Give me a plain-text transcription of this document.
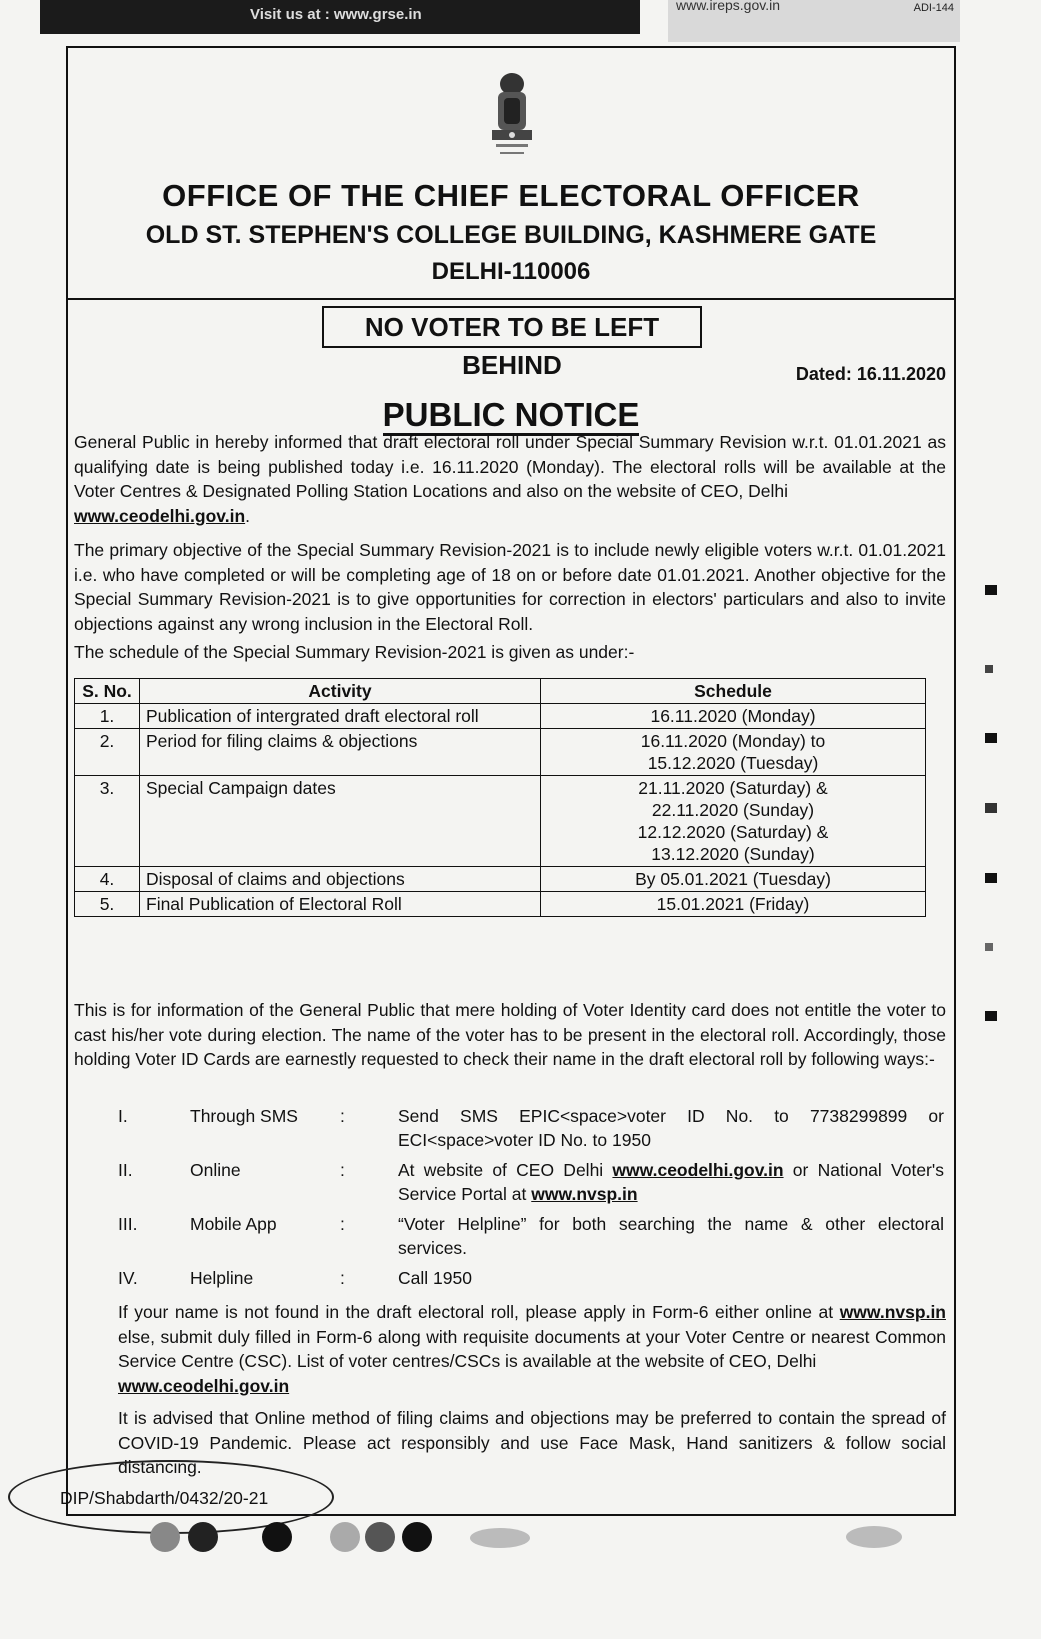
Visit us at : www.grse.in
www.ireps.gov.in	ADI-144
OFFICE OF THE CHIEF ELECTORAL OFFICER
OLD ST. STEPHEN'S COLLEGE BUILDING, KASHMERE GATE
DELHI-110006
NO VOTER TO BE LEFT BEHIND	Dated: 16.11.2020
PUBLIC NOTICE
General Public in hereby informed that draft electoral roll under Special Summary Revision w.r.t. 01.01.2021 as qualifying date is being published today i.e. 16.11.2020 (Monday). The electoral rolls will be available at the Voter Centres & Designated Polling Station Locations and also on the website of CEO, Delhi
www.ceodelhi.gov.in.
The primary objective of the Special Summary Revision-2021 is to include newly eligible voters w.r.t. 01.01.2021 i.e. who have completed or will be completing age of 18 on or before date 01.01.2021. Another objective for the Special Summary Revision-2021 is to give opportunities for correction in electors' particulars and also to invite objections against any wrong inclusion in the Electoral Roll.
The schedule of the Special Summary Revision-2021 is given as under:-
S. No.	Activity	Schedule
1.	Publication of intergrated draft electoral roll	16.11.2020 (Monday)

2.	Period for filing claims & objections	16.11.2020 (Monday) to
15.12.2020 (Tuesday)

3.	Special Campaign dates	21.11.2020 (Saturday) &
22.11.2020 (Sunday)
12.12.2020 (Saturday) &
13.12.2020 (Sunday)

4.	Disposal of claims and objections	By 05.01.2021 (Tuesday)

5.	Final Publication of Electoral Roll	15.01.2021 (Friday)
This is for information of the General Public that mere holding of Voter Identity card does not entitle the voter to cast his/her vote during election. The name of the voter has to be present in the electoral roll. Accordingly, those holding Voter ID Cards are earnestly requested to check their name in the draft electoral roll by following ways:-
I.	Through SMS :	Send SMS EPIC<space>voter ID No. to 7738299899 or ECI<space>voter ID No. to 1950
II.	Online	:	At website of CEO Delhi www.ceodelhi.gov.in or National Voter's Service Portal at www.nvsp.in
III.	Mobile App	:	“Voter Helpline” for both searching the name & other electoral services.
IV.	Helpline	:	Call 1950
If your name is not found in the draft electoral roll, please apply in Form-6 either online at www.nvsp.in else, submit duly filled in Form-6 along with requisite documents at your Voter Centre or nearest Common Service Centre (CSC). List of voter centres/CSCs is available at the website of CEO, Delhi
www.ceodelhi.gov.in
It is advised that Online method of filing claims and objections may be preferred to contain the spread of COVID-19 Pandemic. Please act responsibly and use Face Mask, Hand sanitizers & follow social distancing.
DIP/Shabdarth/0432/20-21
